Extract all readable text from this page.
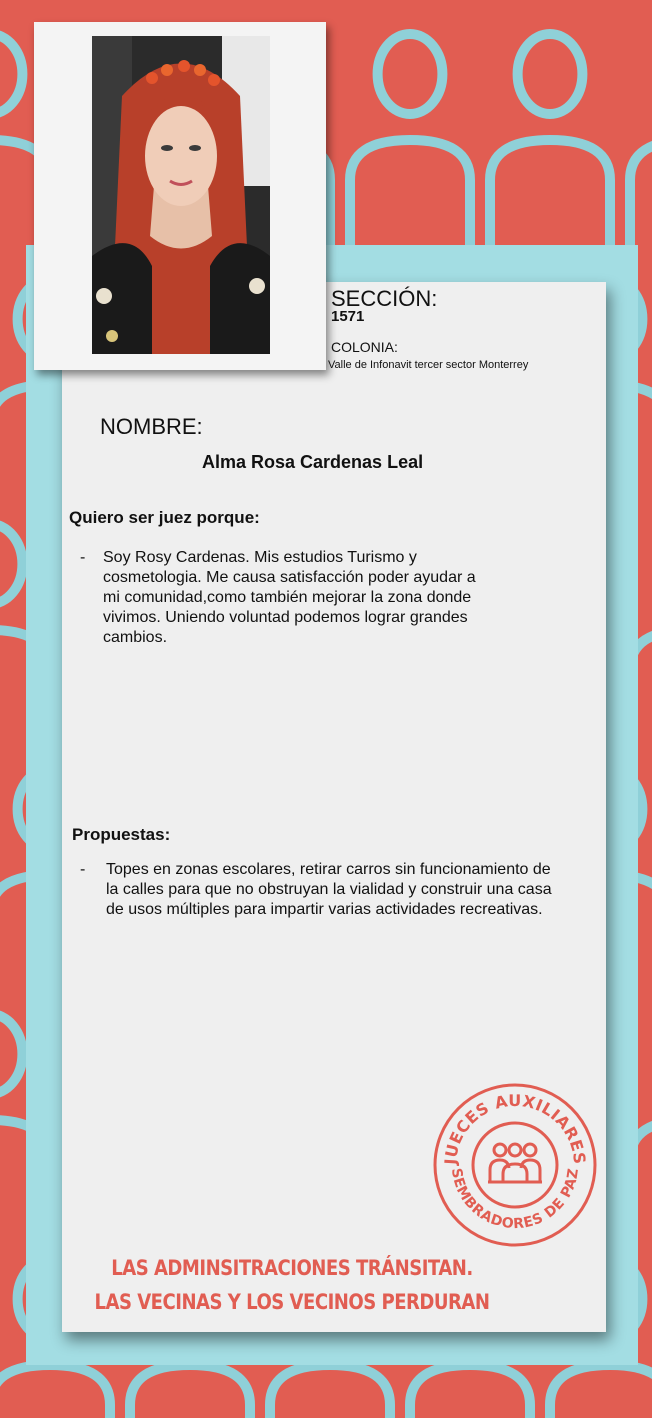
SECCIÓN:
1571
COLONIA:
Valle de Infonavit tercer sector Monterrey
NOMBRE:
Alma Rosa Cardenas Leal
Quiero ser juez porque:
-	Soy Rosy Cardenas. Mis estudios Turismo y cosmetologia. Me causa satisfacción poder ayudar a mi comunidad,como también mejorar la zona donde vivimos. Uniendo voluntad podemos lograr grandes cambios.
Propuestas:
-	Topes en zonas escolares, retirar carros sin funcionamiento de la calles para que no obstruyan la vialidad y construir una casa de usos múltiples para impartir varias actividades recreativas.
JUECES AUXILIARES
SEMBRADORES DE PAZ
LAS ADMINSITRACIONES TRÁNSITAN.
LAS VECINAS Y LOS VECINOS PERDURAN
